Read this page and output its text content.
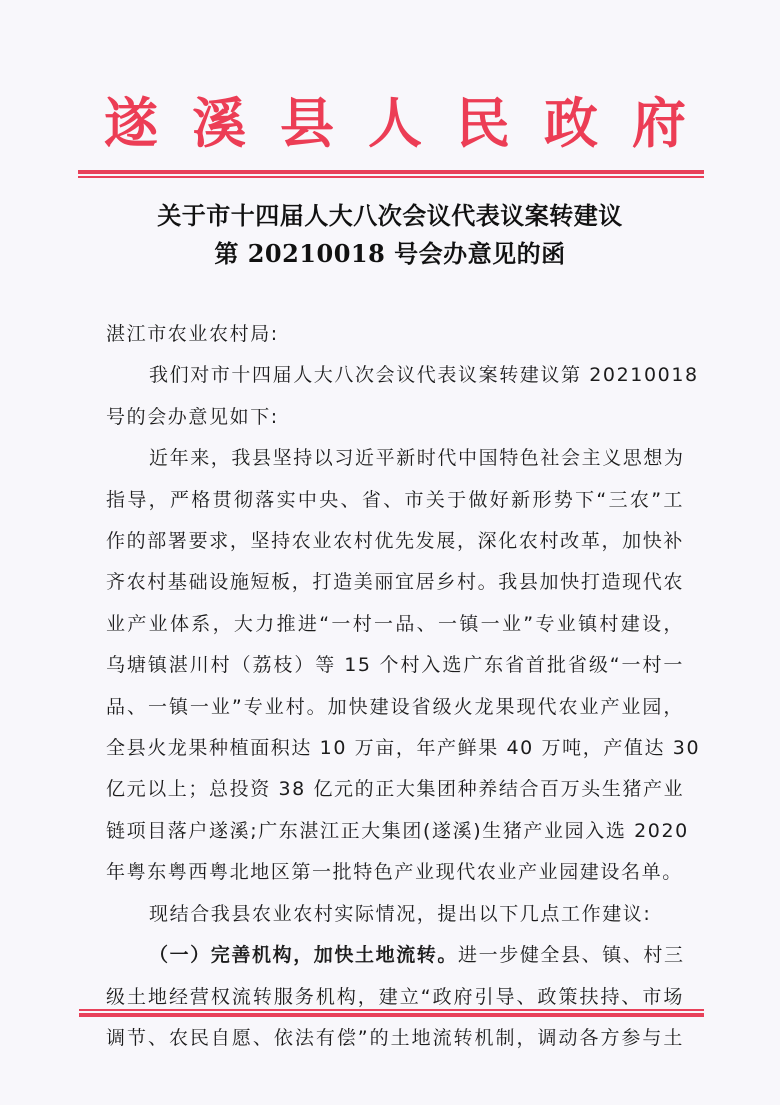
遂 溪 县 人 民 政 府
关于市十四届人大八次会议代表议案转建议
第 20210018 号会办意见的函
湛江市农业农村局:
我们对市十四届人大八次会议代表议案转建议第 20210018
号的会办意见如下:
近年来，我县坚持以习近平新时代中国特色社会主义思想为
指导，严格贯彻落实中央、省、市关于做好新形势下“三农”工
作的部署要求，坚持农业农村优先发展，深化农村改革，加快补
齐农村基础设施短板，打造美丽宜居乡村。我县加快打造现代农
业产业体系，大力推进“一村一品、一镇一业”专业镇村建设，
乌塘镇湛川村（荔枝）等 15 个村入选广东省首批省级“一村一
品、一镇一业”专业村。加快建设省级火龙果现代农业产业园，
全县火龙果种植面积达 10 万亩，年产鲜果 40 万吨，产值达 30
亿元以上；总投资 38 亿元的正大集团种养结合百万头生猪产业
链项目落户遂溪;广东湛江正大集团(遂溪)生猪产业园入选 2020
年粤东粤西粤北地区第一批特色产业现代农业产业园建设名单。
现结合我县农业农村实际情况，提出以下几点工作建议:
（一）完善机构，加快土地流转。进一步健全县、镇、村三
级土地经营权流转服务机构，建立“政府引导、政策扶持、市场
调节、农民自愿、依法有偿”的土地流转机制，调动各方参与土
